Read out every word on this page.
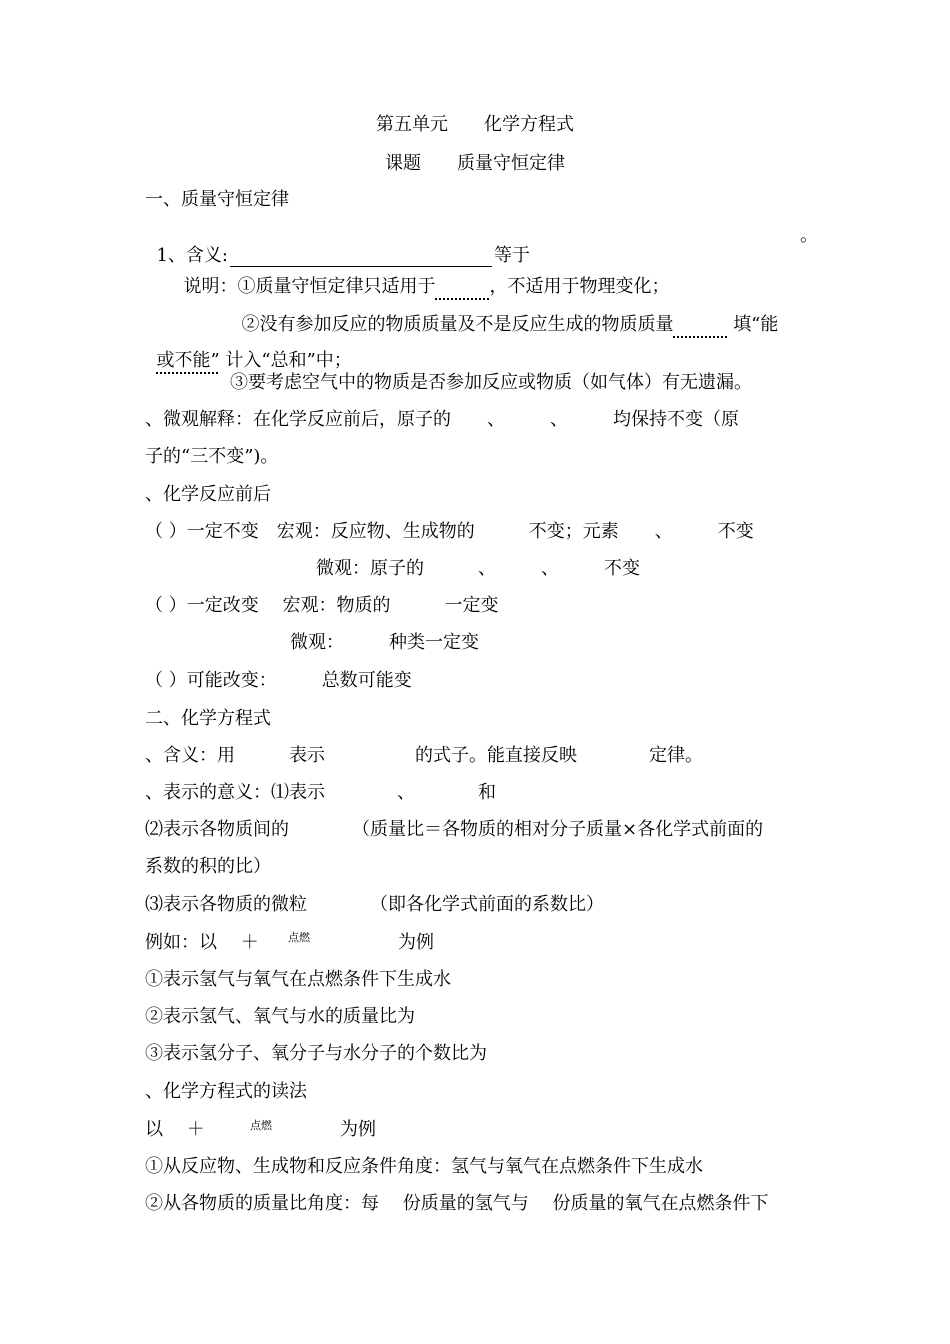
第五单元　　化学方程式
课题　　质量守恒定律
一、质量守恒定律

1、含义:	等于

。

说明：①质量守恒定律只适用于　　　	，不适用于物理变化；

②没有参加反应的物质质量及不是反应生成的物质质量　　　	填“能

或不能” 计入“总和”中；

③要考虑空气中的物质是否参加反应或物质（如气体）有无遗漏。
、微观解释：在化学反应前后，原子的　　、　　　、　　　均保持不变（原
子的“三不变”)。
、化学反应前后
（ ）一定不变　宏观：反应物、生成物的　　　不变；元素　　、　　　不变
微观：原子的　　　、　　　、　　　不变
（ ）一定改变　 宏观：物质的　　　一定变
微观：　　　种类一定变
（ ）可能改变：　　　总数可能变
二、化学方程式
、含义：用　　　表示　　　　　的式子。能直接反映　　　　定律。
、表示的意义：⑴表示　　　　、　　　　和
⑵表示各物质间的　　　　（质量比＝各物质的相对分子质量×各化学式前面的
系数的积的比）
⑶表示各物质的微粒　　　　（即各化学式前面的系数比）
例如：以　 ＋	点燃	为例
①表示氢气与氧气在点燃条件下生成水
②表示氢气、氧气与水的质量比为
③表示氢分子、氧分子与水分子的个数比为
、化学方程式的读法
以　 ＋	点燃	为例
①从反应物、生成物和反应条件角度：氢气与氧气在点燃条件下生成水
②从各物质的质量比角度：每　 份质量的氢气与　 份质量的氧气在点燃条件下
